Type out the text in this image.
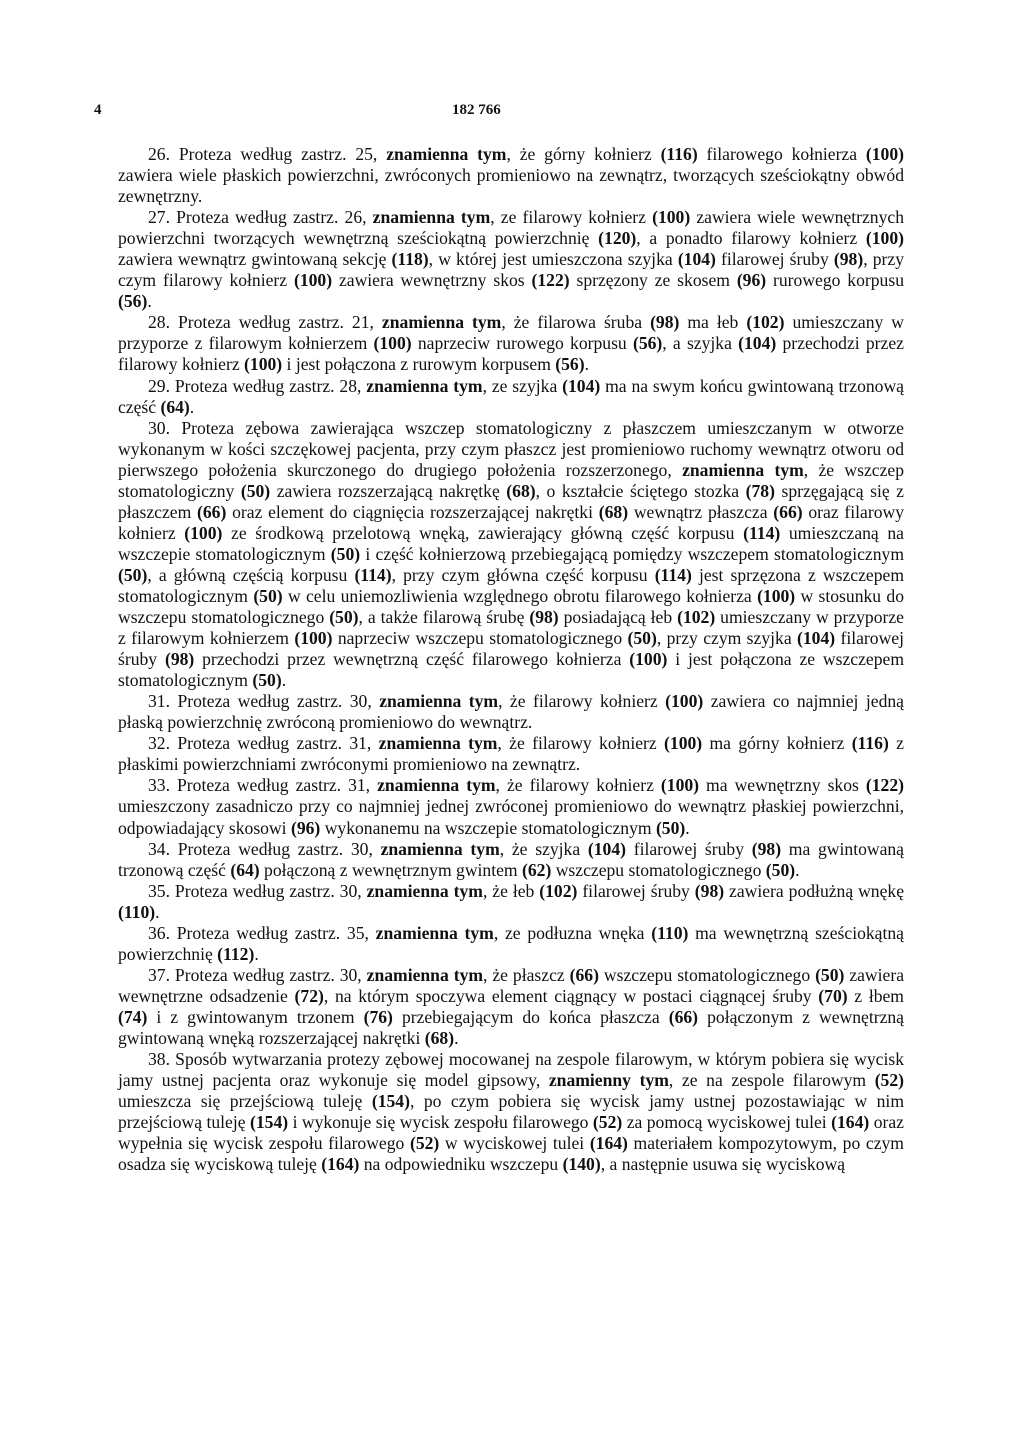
4	182 766

26. Proteza według zastrz. 25, znamienna tym, że górny kołnierz (116) filarowego kołnierza (100) zawiera wiele płaskich powierzchni, zwróconych promieniowo na zewnątrz, tworzących sześciokątny obwód zewnętrzny.

27. Proteza według zastrz. 26, znamienna tym, ze filarowy kołnierz (100) zawiera wiele wewnętrznych powierzchni tworzących wewnętrzną sześciokątną powierzchnię (120), a ponadto filarowy kołnierz (100) zawiera wewnątrz gwintowaną sekcję (118), w której jest umieszczona szyjka (104) filarowej śruby (98), przy czym filarowy kołnierz (100) zawiera wewnętrzny skos (122) sprzęzony ze skosem (96) rurowego korpusu (56).

28. Proteza według zastrz. 21, znamienna tym, że filarowa śruba (98) ma łeb (102) umieszczany w przyporze z filarowym kołnierzem (100) naprzeciw rurowego korpusu (56), a szyjka (104) przechodzi przez filarowy kołnierz (100) i jest połączona z rurowym korpusem (56).

29. Proteza według zastrz. 28, znamienna tym, ze szyjka (104) ma na swym końcu gwintowaną trzonową część (64).

30. Proteza zębowa zawierająca wszczep stomatologiczny z płaszczem umieszczanym w otworze wykonanym w kości szczękowej pacjenta, przy czym płaszcz jest promieniowo ruchomy wewnątrz otworu od pierwszego położenia skurczonego do drugiego położenia rozszerzonego, znamienna tym, że wszczep stomatologiczny (50) zawiera rozszerzającą nakrętkę (68), o kształcie ściętego stozka (78) sprzęgającą się z płaszczem (66) oraz element do ciągnięcia rozszerzającej nakrętki (68) wewnątrz płaszcza (66) oraz filarowy kołnierz (100) ze środkową przelotową wnęką, zawierający główną część korpusu (114) umieszczaną na wszczepie stomatologicznym (50) i część kołnierzową przebiegającą pomiędzy wszczepem stomatologicznym (50), a główną częścią korpusu (114), przy czym główna część korpusu (114) jest sprzęzona z wszczepem stomatologicznym (50) w celu uniemozliwienia względnego obrotu filarowego kołnierza (100) w stosunku do wszczepu stomatologicznego (50), a także filarową śrubę (98) posiadającą łeb (102) umieszczany w przyporze z filarowym kołnierzem (100) naprzeciw wszczepu stomatologicznego (50), przy czym szyjka (104) filarowej śruby (98) przechodzi przez wewnętrzną część filarowego kołnierza (100) i jest połączona ze wszczepem stomatologicznym (50).

31. Proteza według zastrz. 30, znamienna tym, że filarowy kołnierz (100) zawiera co najmniej jedną płaską powierzchnię zwróconą promieniowo do wewnątrz.

32. Proteza według zastrz. 31, znamienna tym, że filarowy kołnierz (100) ma górny kołnierz (116) z płaskimi powierzchniami zwróconymi promieniowo na zewnątrz.

33. Proteza według zastrz. 31, znamienna tym, że filarowy kołnierz (100) ma wewnętrzny skos (122) umieszczony zasadniczo przy co najmniej jednej zwróconej promieniowo do wewnątrz płaskiej powierzchni, odpowiadający skosowi (96) wykonanemu na wszczepie stomatologicznym (50).

34. Proteza według zastrz. 30, znamienna tym, że szyjka (104) filarowej śruby (98) ma gwintowaną trzonową część (64) połączoną z wewnętrznym gwintem (62) wszczepu stomatologicznego (50).

35. Proteza według zastrz. 30, znamienna tym, że łeb (102) filarowej śruby (98) zawiera podłużną wnękę (110).

36. Proteza według zastrz. 35, znamienna tym, ze podłuzna wnęka (110) ma wewnętrzną sześciokątną powierzchnię (112).

37. Proteza według zastrz. 30, znamienna tym, że płaszcz (66) wszczepu stomatologicznego (50) zawiera wewnętrzne odsadzenie (72), na którym spoczywa element ciągnący w postaci ciągnącej śruby (70) z łbem (74) i z gwintowanym trzonem (76) przebiegającym do końca płaszcza (66) połączonym z wewnętrzną gwintowaną wnęką rozszerzającej nakrętki (68).

38. Sposób wytwarzania protezy zębowej mocowanej na zespole filarowym, w którym pobiera się wycisk jamy ustnej pacjenta oraz wykonuje się model gipsowy, znamienny tym, ze na zespole filarowym (52) umieszcza się przejściową tuleję (154), po czym pobiera się wycisk jamy ustnej pozostawiając w nim przejściową tuleję (154) i wykonuje się wycisk zespołu filarowego (52) za pomocą wyciskowej tulei (164) oraz wypełnia się wycisk zespołu filarowego (52) w wyciskowej tulei (164) materiałem kompozytowym, po czym osadza się wyciskową tuleję (164) na odpowiedniku wszczepu (140), a następnie usuwa się wyciskową
